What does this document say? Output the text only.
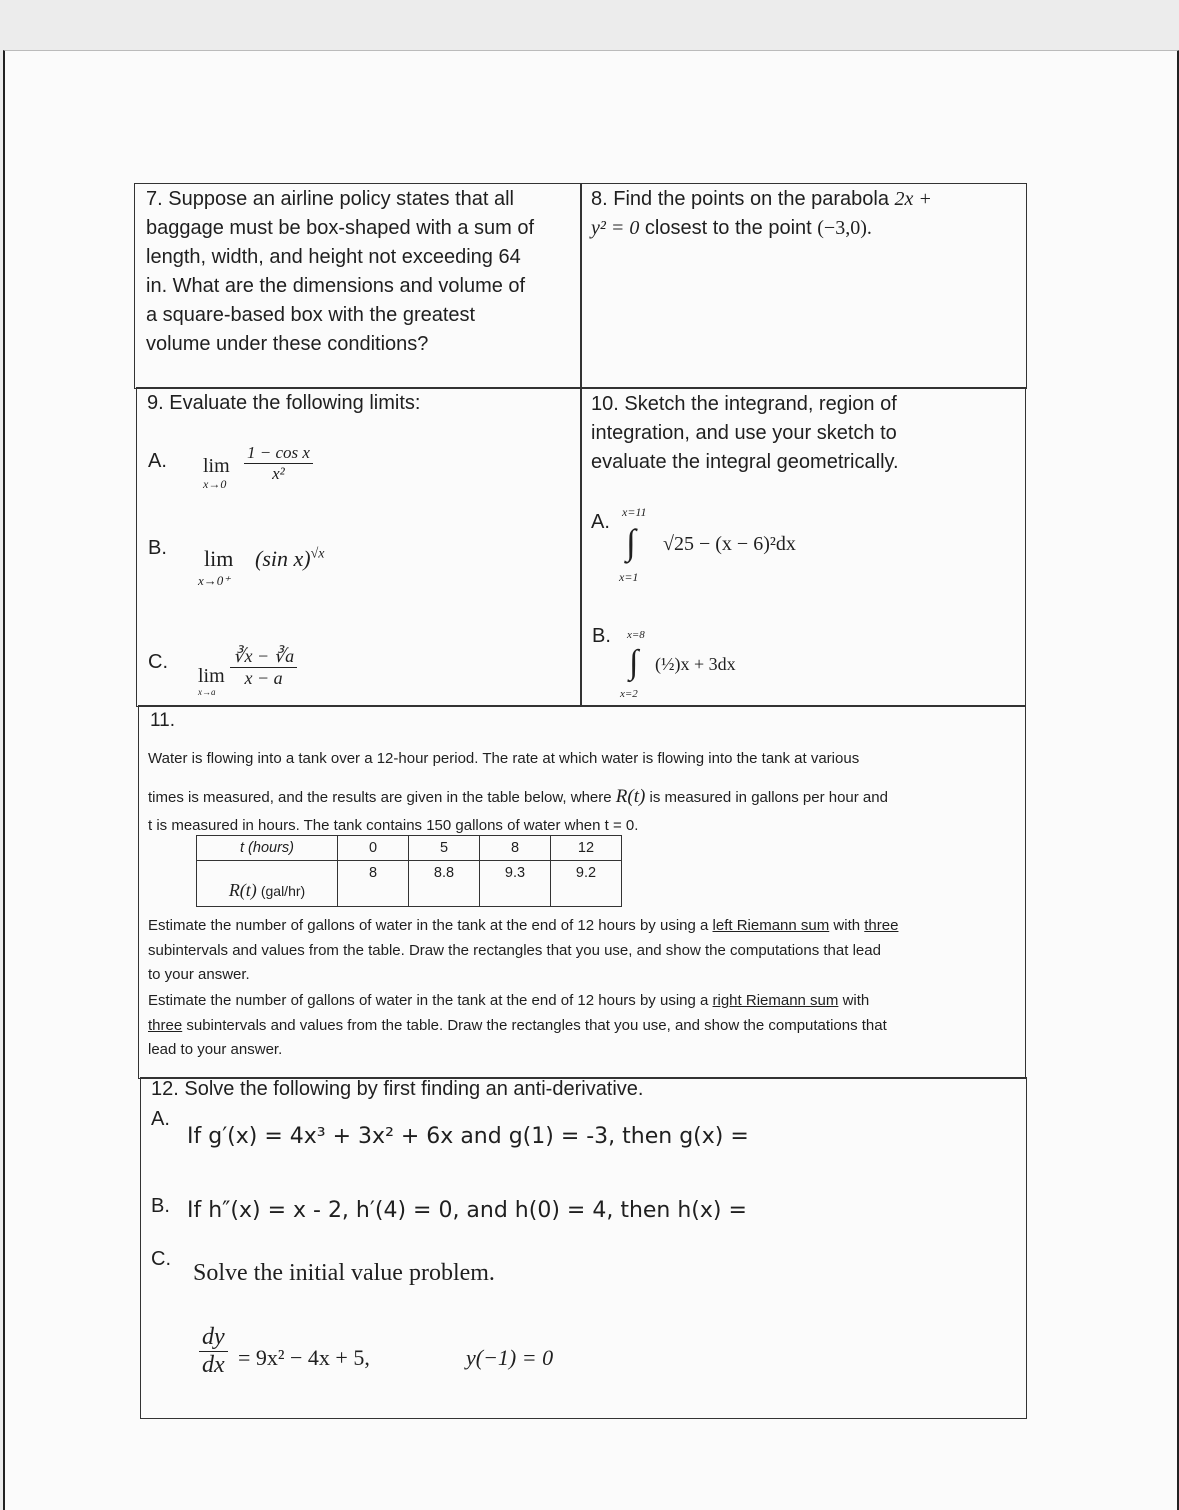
7. Suppose an airline policy states that all
baggage must be box-shaped with a sum of
length, width, and height not exceeding 64
in. What are the dimensions and volume of
a square-based box with the greatest
volume under these conditions?
8. Find the points on the parabola 2x +
y² = 0 closest to the point (−3,0).
9. Evaluate the following limits:
A. lim
$x\to 0 \frac{\text{1 − cos x}}{\text{x²}}$
B. lim
x→0⁺
(sin x)$^{√x}$
C.
lim
x→a
$\frac{∛x - ∛a}{x - a}$
10. Sketch the integrand, region of
integration, and use your sketch to
evaluate the integral geometrically.
A. x=11
∫
x=1
√25 − (x − 6)²dx
B. x=8
∫
x=2
(½)x + 3dx
11.
Water is flowing into a tank over a 12-hour period. The rate at which water is flowing into the tank at various
times is measured, and the results are given in the table below, where R(t) is measured in gallons per hour and
t is measured in hours. The tank contains 150 gallons of water when t = 0.
t (hours)	0	5	8	12
R(t) (gal/hr)	8	8.8	9.3	9.2
Estimate the number of gallons of water in the tank at the end of 12 hours by using a left Riemann sum with three
subintervals and values from the table. Draw the rectangles that you use, and show the computations that lead
to your answer.
Estimate the number of gallons of water in the tank at the end of 12 hours by using a right Riemann sum with
three subintervals and values from the table. Draw the rectangles that you use, and show the computations that
lead to your answer.
12. Solve the following by first finding an anti-derivative.
A.
If g′(x) = 4x³ + 3x² + 6x and g(1) = -3, then g(x) =
B. If h″(x) = x - 2, h′(4) = 0, and h(0) = 4, then h(x) =
C.
Solve the initial value problem.
$\frac{dy}{dx} = 9x^2 - 4x + 5$,	y(−1) = 0
